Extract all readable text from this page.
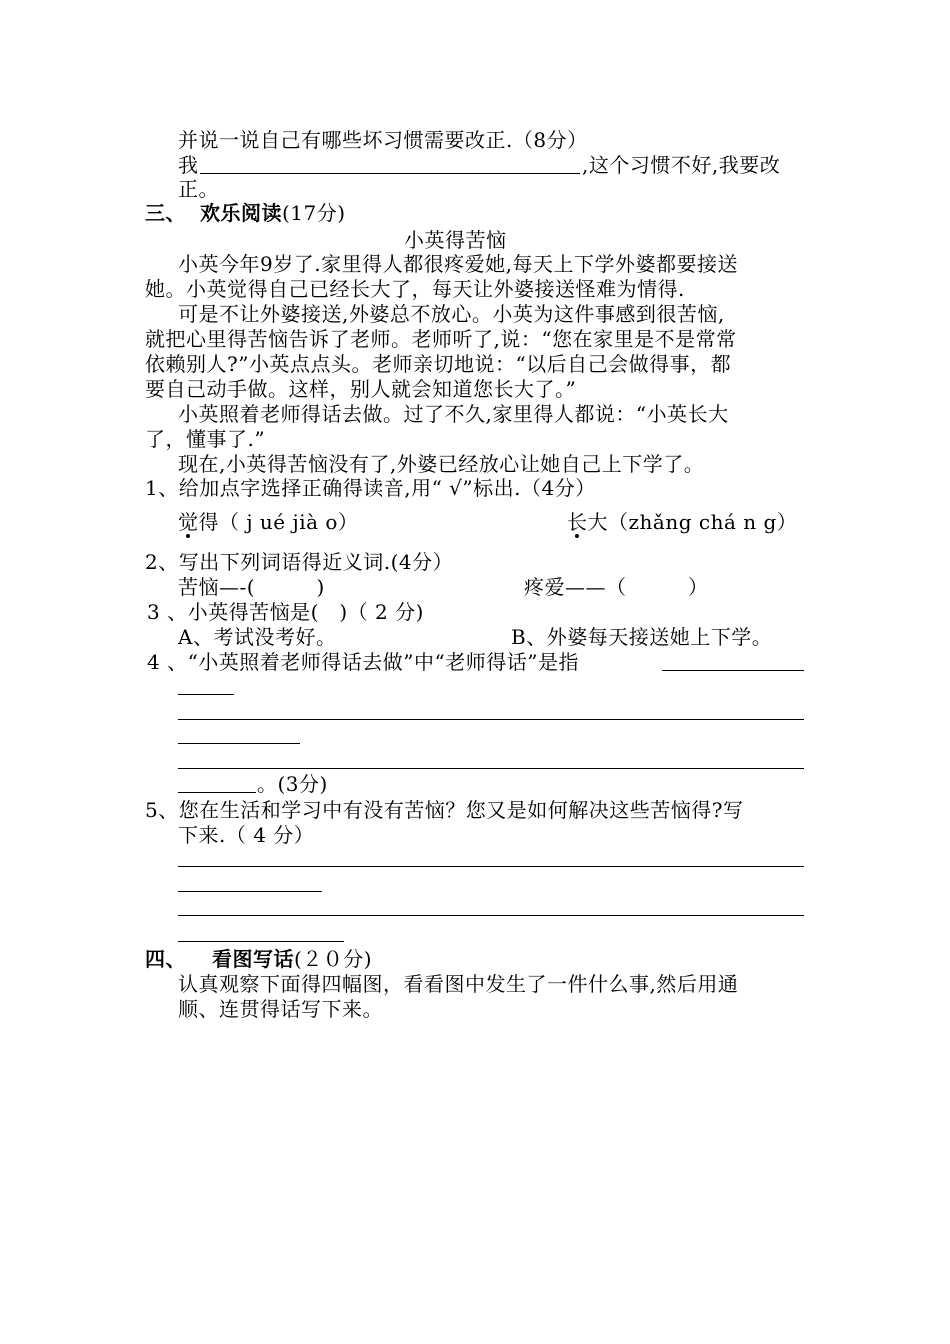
并说一说自己有哪些坏习惯需要改正.（8分）
我	,这个习惯不好,我要改
正。
三、 欢乐阅读(17分)
小英得苦恼
小英今年9岁了.家里得人都很疼爱她,每天上下学外婆都要接送
她。小英觉得自己已经长大了，每天让外婆接送怪难为情得.
可是不让外婆接送,外婆总不放心。小英为这件事感到很苦恼,
就把心里得苦恼告诉了老师。老师听了,说：“您在家里是不是常常
依赖别人?”小英点点头。老师亲切地说：“以后自己会做得事，都
要自己动手做。这样，别人就会知道您长大了。”
小英照着老师得话去做。过了不久,家里得人都说：“小英长大
了，懂事了.”
现在,小英得苦恼没有了,外婆已经放心让她自己上下学了。
1、给加点字选择正确得读音,用“ √”标出.（4分）
觉得（ j ué jià o）	长大（zhǎng chá n g）
2、写出下列词语得近义词.(4分）
苦恼—-(　　　)	疼爱——（　　　）
3 、小英得苦恼是(　)（ 2 分)
A、考试没考好。	B、外婆每天接送她上下学。
4 、“小英照着老师得话去做”中“老师得话”是指
。(3分)
5、您在生活和学习中有没有苦恼？您又是如何解决这些苦恼得?写
下来.（ 4 分）
四、 看图写话(２０分)
认真观察下面得四幅图，看看图中发生了一件什么事,然后用通
顺、连贯得话写下来。
